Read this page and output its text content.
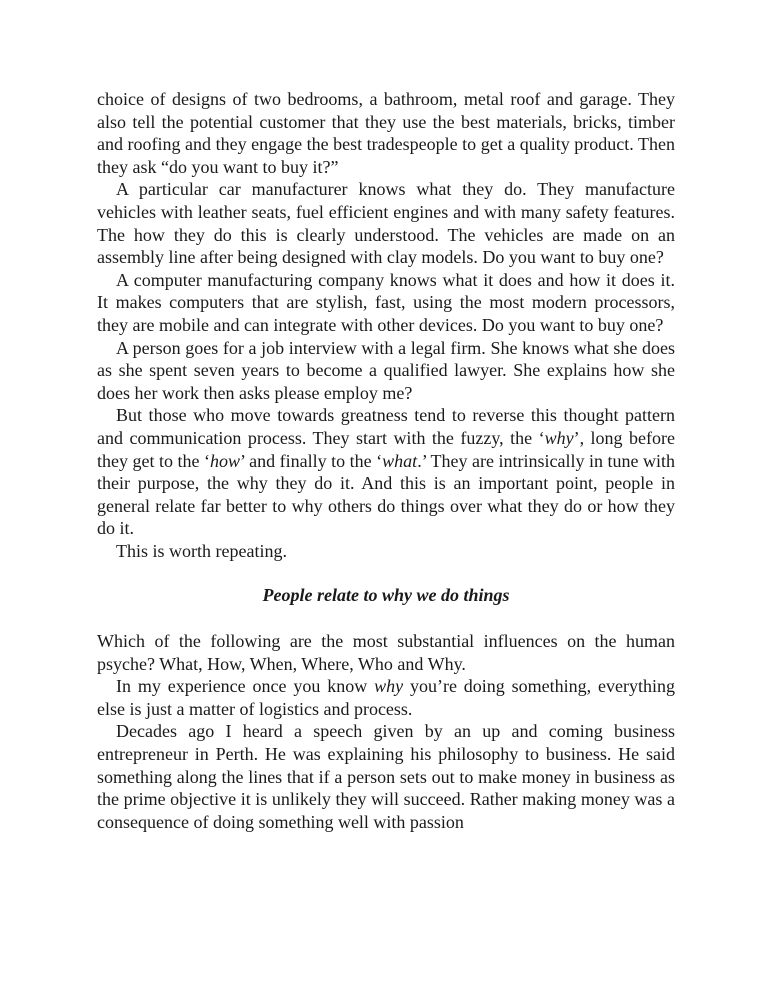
choice of designs of two bedrooms, a bathroom, metal roof and garage. They also tell the potential customer that they use the best materials, bricks, timber and roofing and they engage the best tradespeople to get a quality product. Then they ask “do you want to buy it?”

A particular car manufacturer knows what they do. They manufacture vehicles with leather seats, fuel efficient engines and with many safety features. The how they do this is clearly understood. The vehicles are made on an assembly line after being designed with clay models. Do you want to buy one?

A computer manufacturing company knows what it does and how it does it. It makes computers that are stylish, fast, using the most modern processors, they are mobile and can integrate with other devices. Do you want to buy one?

A person goes for a job interview with a legal firm. She knows what she does as she spent seven years to become a qualified lawyer. She explains how she does her work then asks please employ me?

But those who move towards greatness tend to reverse this thought pattern and communication process. They start with the fuzzy, the ‘why’, long before they get to the ‘how’ and finally to the ‘what.’ They are intrinsically in tune with their purpose, the why they do it. And this is an important point, people in general relate far better to why others do things over what they do or how they do it.

This is worth repeating.

People relate to why we do things

Which of the following are the most substantial influences on the human psyche? What, How, When, Where, Who and Why.

In my experience once you know why you’re doing something, everything else is just a matter of logistics and process.

Decades ago I heard a speech given by an up and coming business entrepreneur in Perth. He was explaining his philosophy to business. He said something along the lines that if a person sets out to make money in business as the prime objective it is unlikely they will succeed. Rather making money was a consequence of doing something well with passion
